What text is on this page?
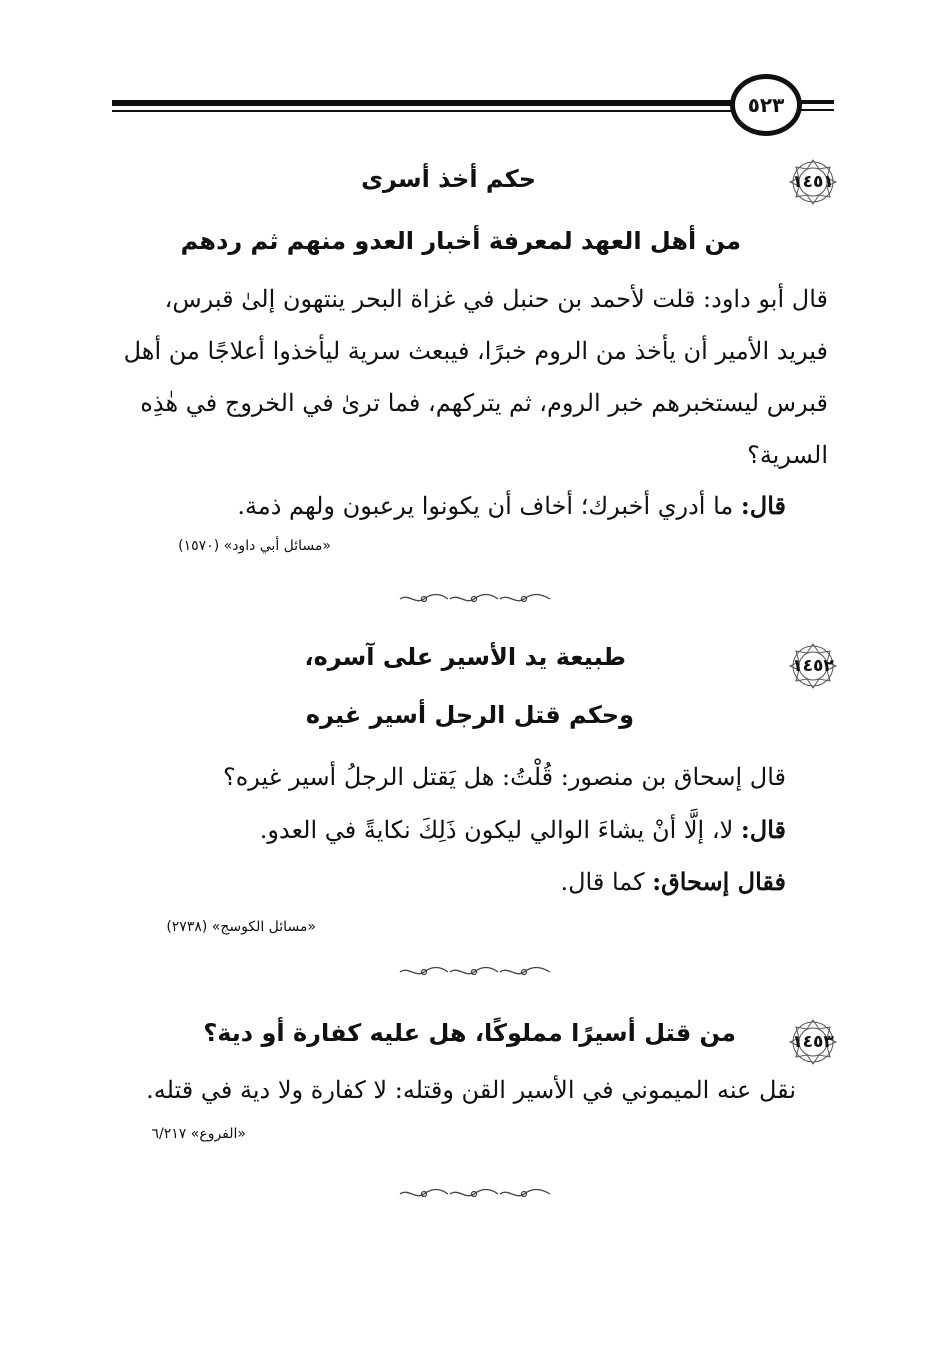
٥٢٣
١٤٥١
حكم أخذ أسرى
من أهل العهد لمعرفة أخبار العدو منهم ثم ردهم
قال أبو داود: قلت لأحمد بن حنبل في غزاة البحر ينتهون إلىٰ قبرس،
فيريد الأمير أن يأخذ من الروم خبرًا، فيبعث سرية ليأخذوا أعلاجًا من أهل
قبرس ليستخبرهم خبر الروم، ثم يتركهم، فما ترىٰ في الخروج في هٰذِه
السرية؟
قال: ما أدري أخبرك؛ أخاف أن يكونوا يرعبون ولهم ذمة.
«مسائل أبي داود» (١٥٧٠)
١٤٥٢
طبيعة يد الأسير على آسره،
وحكم قتل الرجل أسير غيره
قال إسحاق بن منصور: قُلْتُ: هل يَقتل الرجلُ أسير غيره؟
قال: لا، إلَّا أنْ يشاءَ الوالي ليكون ذَلِكَ نكايةً في العدو.
فقال إسحاق: كما قال.
«مسائل الكوسج» (٢٧٣٨)
١٤٥٣
من قتل أسيرًا مملوكًا، هل عليه كفارة أو دية؟
نقل عنه الميموني في الأسير القن وقتله: لا كفارة ولا دية في قتله.
«الفروع» ٦/٢١٧
